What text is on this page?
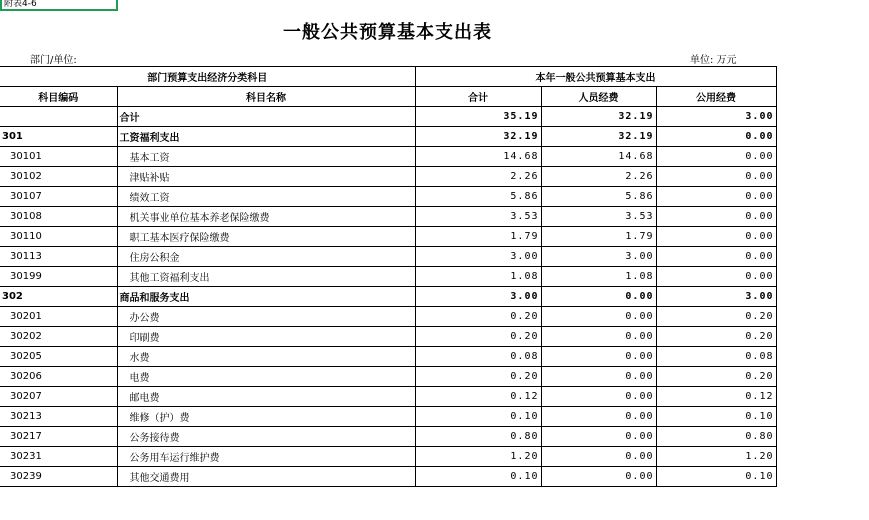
附表4-6
一般公共预算基本支出表
部门/单位:	单位: 万元
部门预算支出经济分类科目		本年一般公共预算基本支出		
科目编码	科目名称	合计	人员经费	公用经费
	合计	35.19	32.19	3.00
301	工资福利支出	32.19	32.19	0.00
30101	基本工资	14.68	14.68	0.00
30102	津贴补贴	2.26	2.26	0.00
30107	绩效工资	5.86	5.86	0.00
30108	机关事业单位基本养老保险缴费	3.53	3.53	0.00
30110	职工基本医疗保险缴费	1.79	1.79	0.00
30113	住房公积金	3.00	3.00	0.00
30199	其他工资福利支出	1.08	1.08	0.00
302	商品和服务支出	3.00	0.00	3.00
30201	办公费	0.20	0.00	0.20
30202	印刷费	0.20	0.00	0.20
30205	水费	0.08	0.00	0.08
30206	电费	0.20	0.00	0.20
30207	邮电费	0.12	0.00	0.12
30213	维修（护）费	0.10	0.00	0.10
30217	公务接待费	0.80	0.00	0.80
30231	公务用车运行维护费	1.20	0.00	1.20
30239	其他交通费用	0.10	0.00	0.10
